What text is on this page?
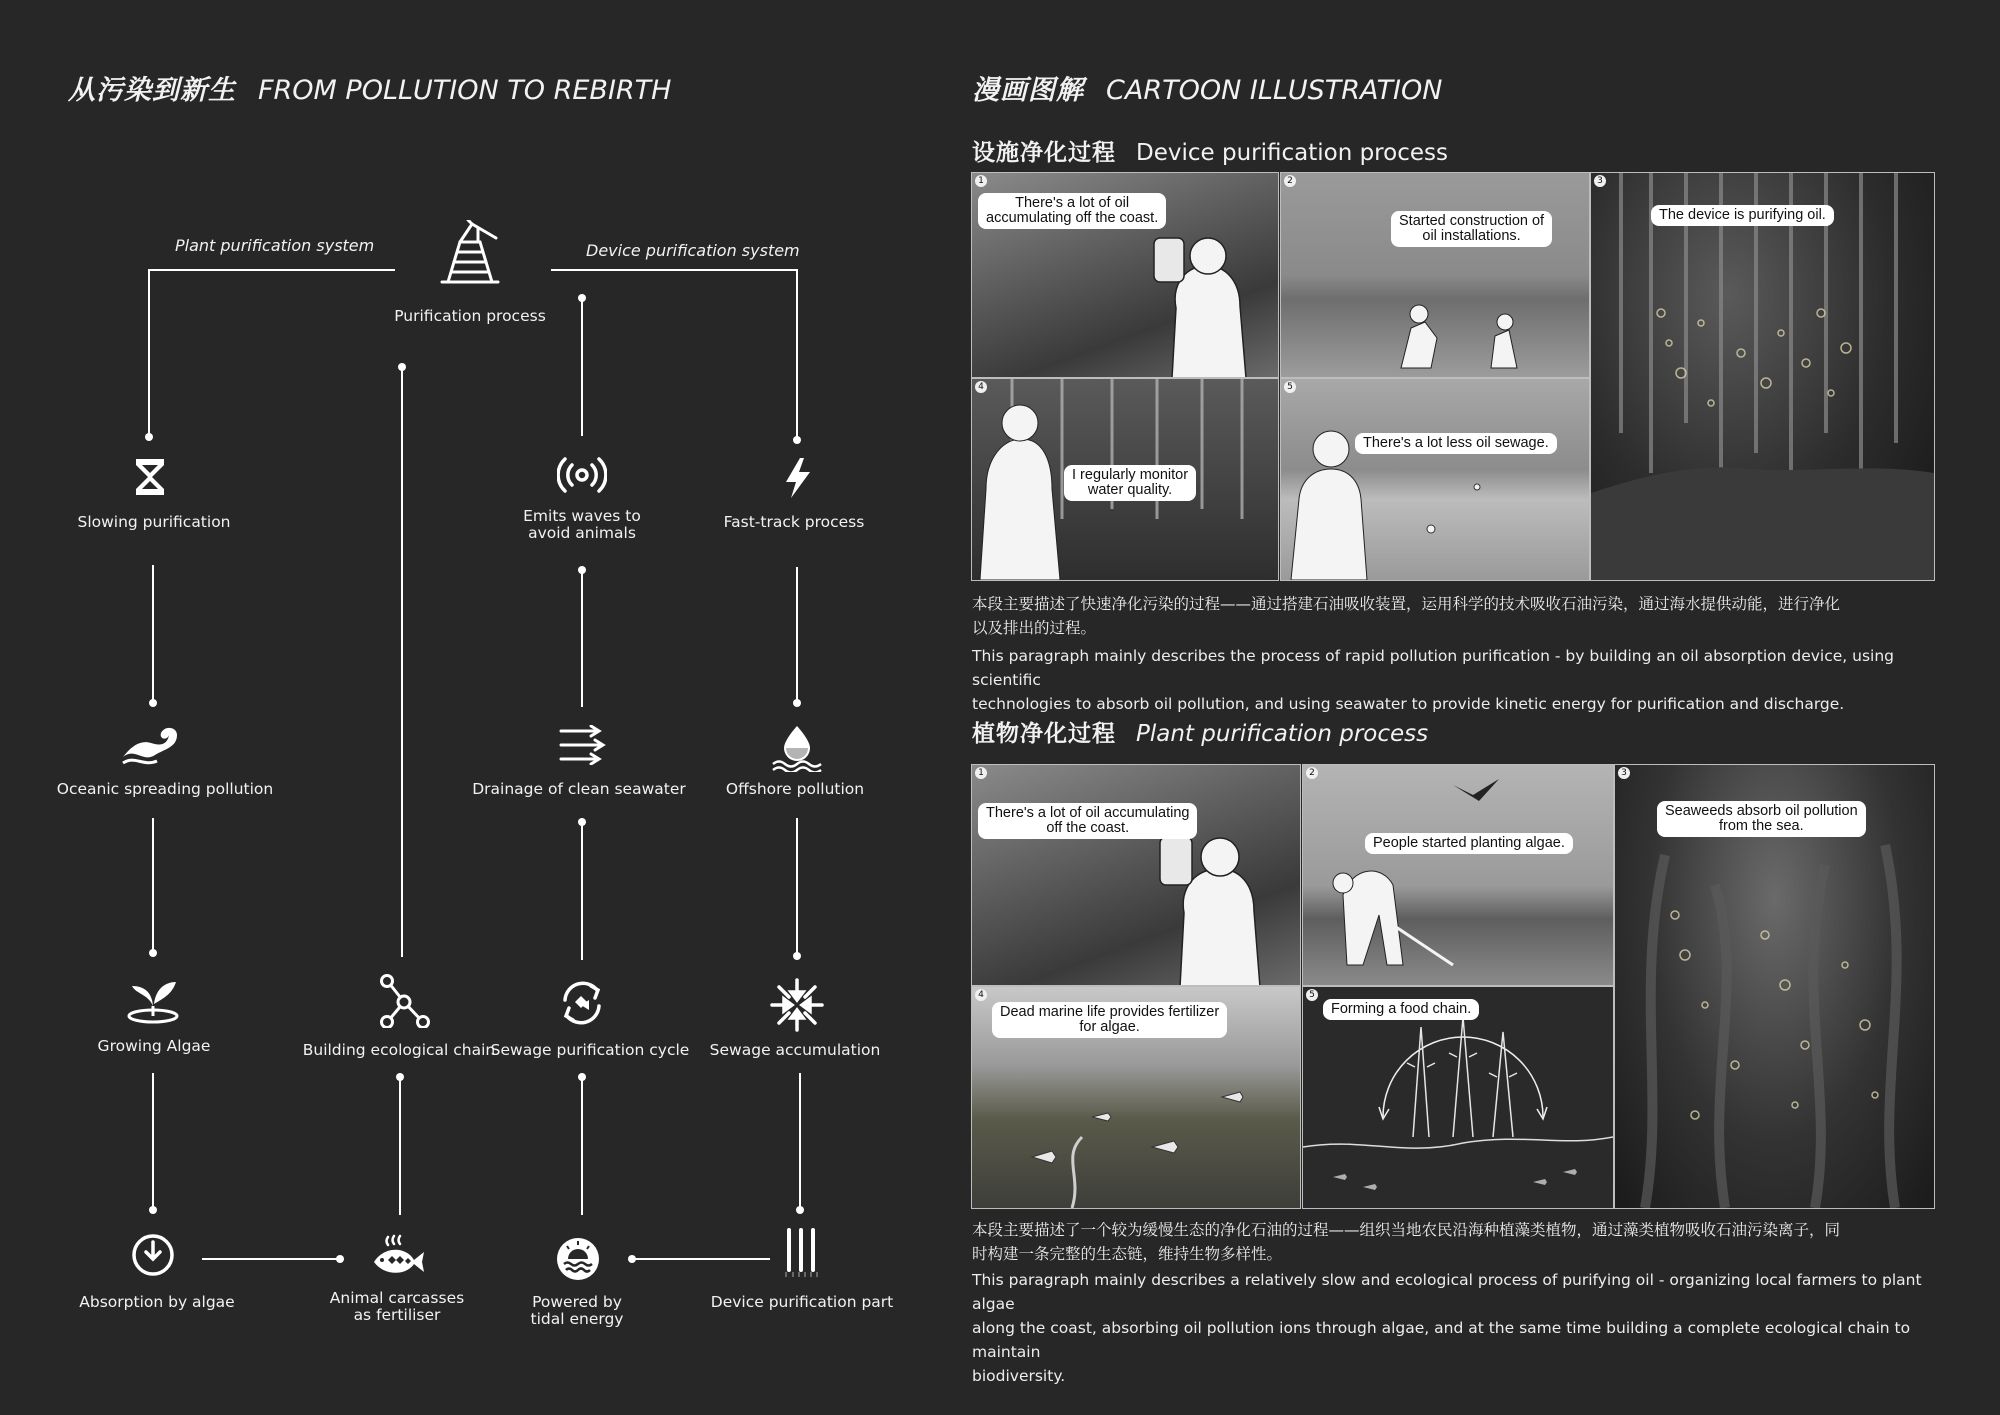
从污染到新生 FROM POLLUTION TO REBIRTH
Plant purification system	Device purification system
Purification process
Slowing purification	Emits waves to
avoid animals
Fast-track process
Oceanic spreading pollution	Drainage of clean seawater	Offshore pollution
Growing Algae	Building ecological chain
Sewage purification cycle Sewage accumulation
Absorption by algae	Animal carcasses
as fertiliser
Powered by
tidal energy
Device purification part
漫画图解 CARTOON ILLUSTRATION
设施净化过程 Device purification process
1
There's a lot of oil
accumulating off the coast.
2
Started construction of
oil installations.
3
The device is purifying oil.
4
I regularly monitor
water quality.
5
There's a lot less oil sewage.
本段主要描述了快速净化污染的过程——通过搭建石油吸收装置，运用科学的技术吸收石油污染，通过海水提供动能，进行净化
以及排出的过程。
This paragraph mainly describes the process of rapid pollution purification - by building an oil absorption device, using scientific
technologies to absorb oil pollution, and using seawater to provide kinetic energy for purification and discharge.
植物净化过程 Plant purification process
1
There's a lot of oil accumulating
off the coast.
2
People started planting algae.
3
Seaweeds absorb oil pollution
from the sea.
4
Dead marine life provides fertilizer
for algae.
5
Forming a food chain.
本段主要描述了一个较为缓慢生态的净化石油的过程——组织当地农民沿海种植藻类植物，通过藻类植物吸收石油污染离子，同
时构建一条完整的生态链，维持生物多样性。
This paragraph mainly describes a relatively slow and ecological process of purifying oil - organizing local farmers to plant algae
along the coast, absorbing oil pollution ions through algae, and at the same time building a complete ecological chain to maintain
biodiversity.
